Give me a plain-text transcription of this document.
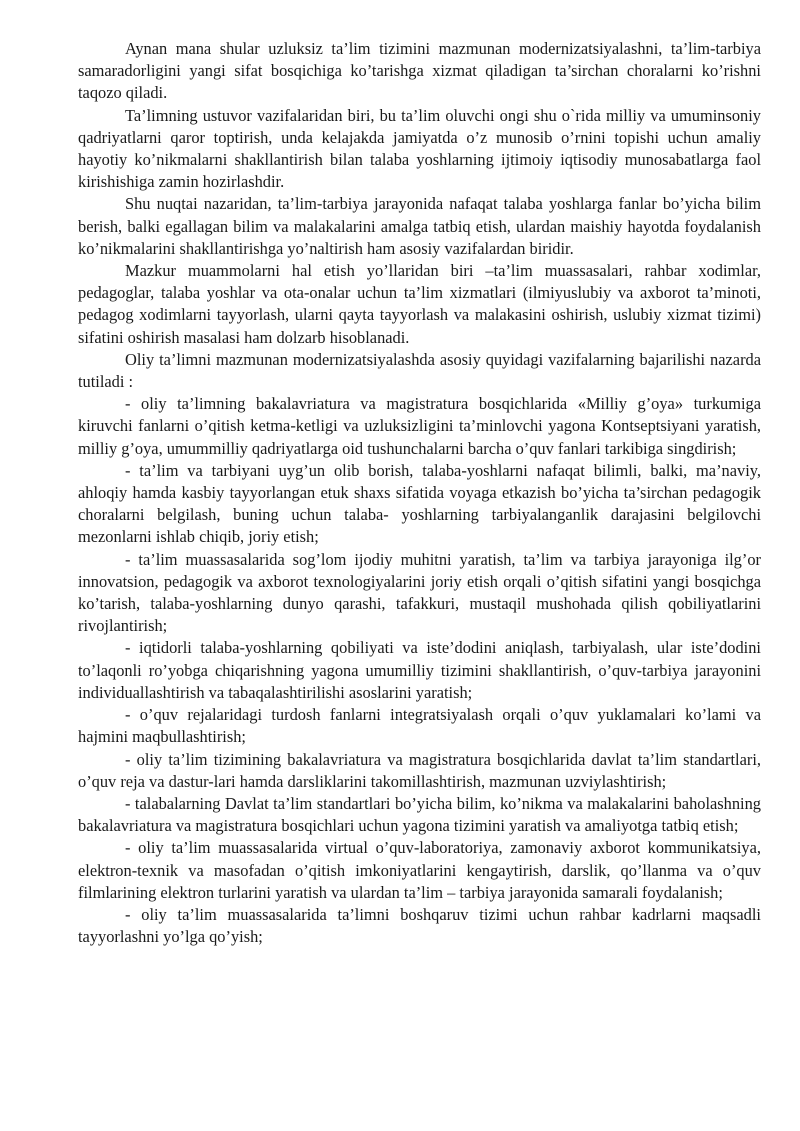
Aynan mana shular uzluksiz ta’lim tizimini mazmunan modernizatsiyalashni, ta’lim-tarbiya samaradorligini yangi sifat bosqichiga ko’tarishga xizmat qiladigan ta’sirchan choralarni ko’rishni taqozo qiladi.

Ta’limning ustuvor vazifalaridan biri, bu ta’lim oluvchi ongi shu o`rida milliy va umuminsoniy qadriyatlarni qaror toptirish, unda kelajakda jamiyatda o’z munosib o’rnini topishi uchun amaliy hayotiy ko’nikmalarni shakllantirish bilan talaba yoshlarning ijtimoiy iqtisodiy munosabatlarga faol kirishishiga zamin hozirlashdir.

Shu nuqtai nazaridan, ta’lim-tarbiya jarayonida nafaqat talaba yoshlarga fanlar bo’yicha bilim berish, balki egallagan bilim va malakalarini amalga tatbiq etish, ulardan maishiy hayotda foydalanish ko’nikmalarini shakllantirishga yo’naltirish ham asosiy vazifalardan biridir.

Mazkur muammolarni hal etish yo’llaridan biri –ta’lim muassasalari, rahbar xodimlar, pedagoglar, talaba yoshlar va ota-onalar uchun ta’lim xizmatlari (ilmiyuslubiy va axborot ta’minoti, pedagog xodimlarni tayyorlash, ularni qayta tayyorlash va malakasini oshirish, uslubiy xizmat tizimi) sifatini oshirish masalasi ham dolzarb hisoblanadi.

Oliy ta’limni mazmunan modernizatsiyalashda asosiy quyidagi vazifalarning bajarilishi nazarda tutiladi :

- oliy ta’limning bakalavriatura va magistratura bosqichlarida «Milliy g’oya» turkumiga kiruvchi fanlarni o’qitish ketma-ketligi va uzluksizligini ta’minlovchi yagona Kontseptsiyani yaratish, milliy g’oya, umummilliy qadriyatlarga oid tushunchalarni barcha o’quv fanlari tarkibiga singdirish;

- ta’lim va tarbiyani uyg’un olib borish, talaba-yoshlarni nafaqat bilimli, balki, ma’naviy, ahloqiy hamda kasbiy tayyorlangan etuk shaxs sifatida voyaga etkazish bo’yicha ta’sirchan pedagogik choralarni belgilash, buning uchun talaba- yoshlarning tarbiyalanganlik darajasini belgilovchi mezonlarni ishlab chiqib, joriy etish;

- ta’lim muassasalarida sog’lom ijodiy muhitni yaratish, ta’lim va tarbiya jarayoniga ilg’or innovatsion, pedagogik va axborot texnologiyalarini joriy etish orqali o’qitish sifatini yangi bosqichga ko’tarish, talaba-yoshlarning dunyo qarashi, tafakkuri, mustaqil mushohada qilish qobiliyatlarini rivojlantirish;

- iqtidorli talaba-yoshlarning qobiliyati va iste’dodini aniqlash, tarbiyalash, ular iste’dodini to’laqonli ro’yobga chiqarishning yagona umumilliy tizimini shakllantirish, o’quv-tarbiya jarayonini individuallashtirish va tabaqalashtirilishi asoslarini yaratish;

- o’quv rejalaridagi turdosh fanlarni integratsiyalash orqali o’quv yuklamalari ko’lami va hajmini maqbullashtirish;

- oliy ta’lim tizimining bakalavriatura va magistratura bosqichlarida davlat ta’lim standartlari, o’quv reja va dastur-lari hamda darsliklarini takomillashtirish, mazmunan uzviylashtirish;

- talabalarning Davlat ta’lim standartlari bo’yicha bilim, ko’nikma va malakalarini baholashning bakalavriatura va magistratura bosqichlari uchun yagona tizimini yaratish va amaliyotga tatbiq etish;

- oliy ta’lim muassasalarida virtual o’quv-laboratoriya, zamonaviy axborot kommunikatsiya, elektron-texnik va masofadan o’qitish imkoniyatlarini kengaytirish, darslik, qo’llanma va o’quv filmlarining elektron turlarini yaratish va ulardan ta’lim – tarbiya jarayonida samarali foydalanish;

- oliy ta’lim muassasalarida ta’limni boshqaruv tizimi uchun rahbar kadrlarni maqsadli tayyorlashni yo’lga qo’yish;
